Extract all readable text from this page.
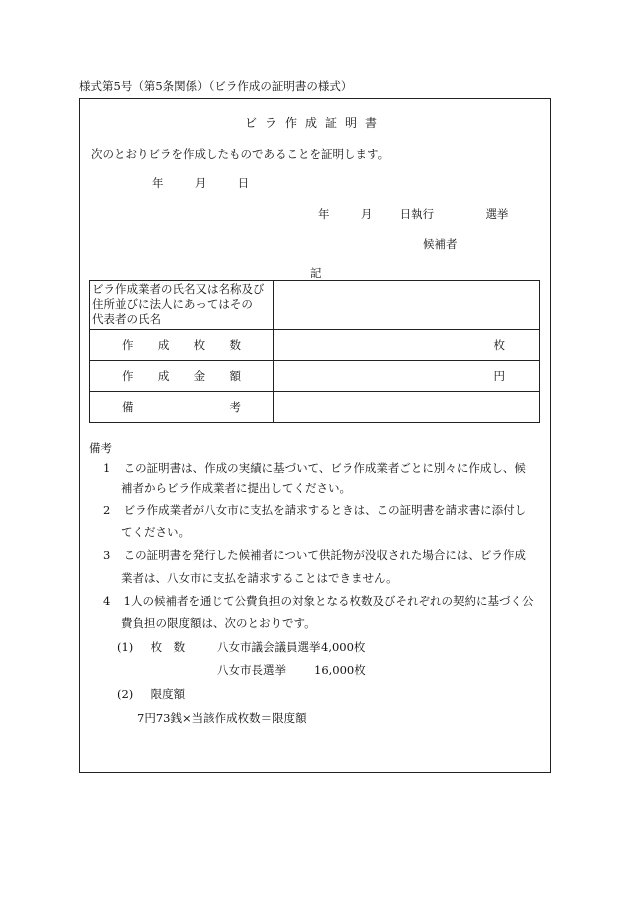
様式第5号（第5条関係）（ビラ作成の証明書の様式）
ビラ作成証明書
次のとおりビラを作成したものであることを証明します。
年	月	日
年	月 日執行	選挙
候補者
記
ビラ作成業者の氏名又は名称及び
住所並びに法人にあってはその
代表者の氏名	

作 成 枚 数	枚

作 成 金 額	円

備 考	

備考
1 この証明書は、作成の実績に基づいて、ビラ作成業者ごとに別々に作成し、候
補者からビラ作成業者に提出してください。
2 ビラ作成業者が八女市に支払を請求するときは、この証明書を請求書に添付し
てください。
3 この証明書を発行した候補者について供託物が没収された場合には、ビラ作成
業者は、八女市に支払を請求することはできません。
4 1人の候補者を通じて公費負担の対象となる枚数及びそれぞれの契約に基づく公
費負担の限度額は、次のとおりです。
(1) 枚　数	八女市議会議員選挙 4,000枚
八女市長選挙 16,000枚
(2) 限度額
7円73銭×当該作成枚数＝限度額
